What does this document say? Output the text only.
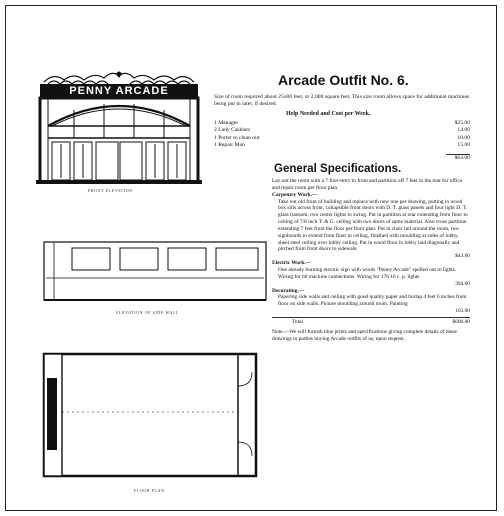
PENNY ARCADE
FRONT ELEVATION
ELEVATION OF SIDE WALL
FLOOR PLAN
Arcade Outfit No. 6.
Size of room required about 25x80 feet, or 2,000 square feet. This size room allows space for additional machines being put in later, if desired.
Help Needed and Cost per Week.
1 Manager	$25.00
2 Lady Cashiers	14.00
1 Porter to clean out	10.00
1 Repair Man	15.00
$64.00
General Specifications.
Lay out the room with a 7 foot entry in front and partition off 7 feet in the rear for office and repair room per floor plan.
Carpentry Work.—
Take out old front of building and replace with new one per drawing, putting in wood box sills across front, collapsible front doors with D. T. glass panels and four light D. T. glass transom, two center lights to swing. Put in partition at rear extending from floor to ceiling of 7/8 inch T. & G. ceiling with two doors of same material. Also cross partition extending 7 feet from the floor per floor plan. Put in chair rail around the room, two signboards to extend from floor to ceiling, finished with moulding at sides of lobby, sheet steel ceiling over lobby ceiling. Put in wood floor in lobby laid diagonally and pitched from front doors to sidewalk
$43.00
Electric Work.—
One already burning electric sign with words "Penny Arcade" spelled out in lights. Wiring for 60 machine connections. Wiring for 176 16 c. p. lights
394.00
Decorating.—
Papering side walls and ceiling with good quality paper and burlap 4 feet 6 inches from floor on side walls. Picture moulding around room. Painting
163.00
Total	$600.00
Note.—We will furnish blue prints and specifications giving complete details of these drawings to parties buying Arcade outfits of us, upon request.
